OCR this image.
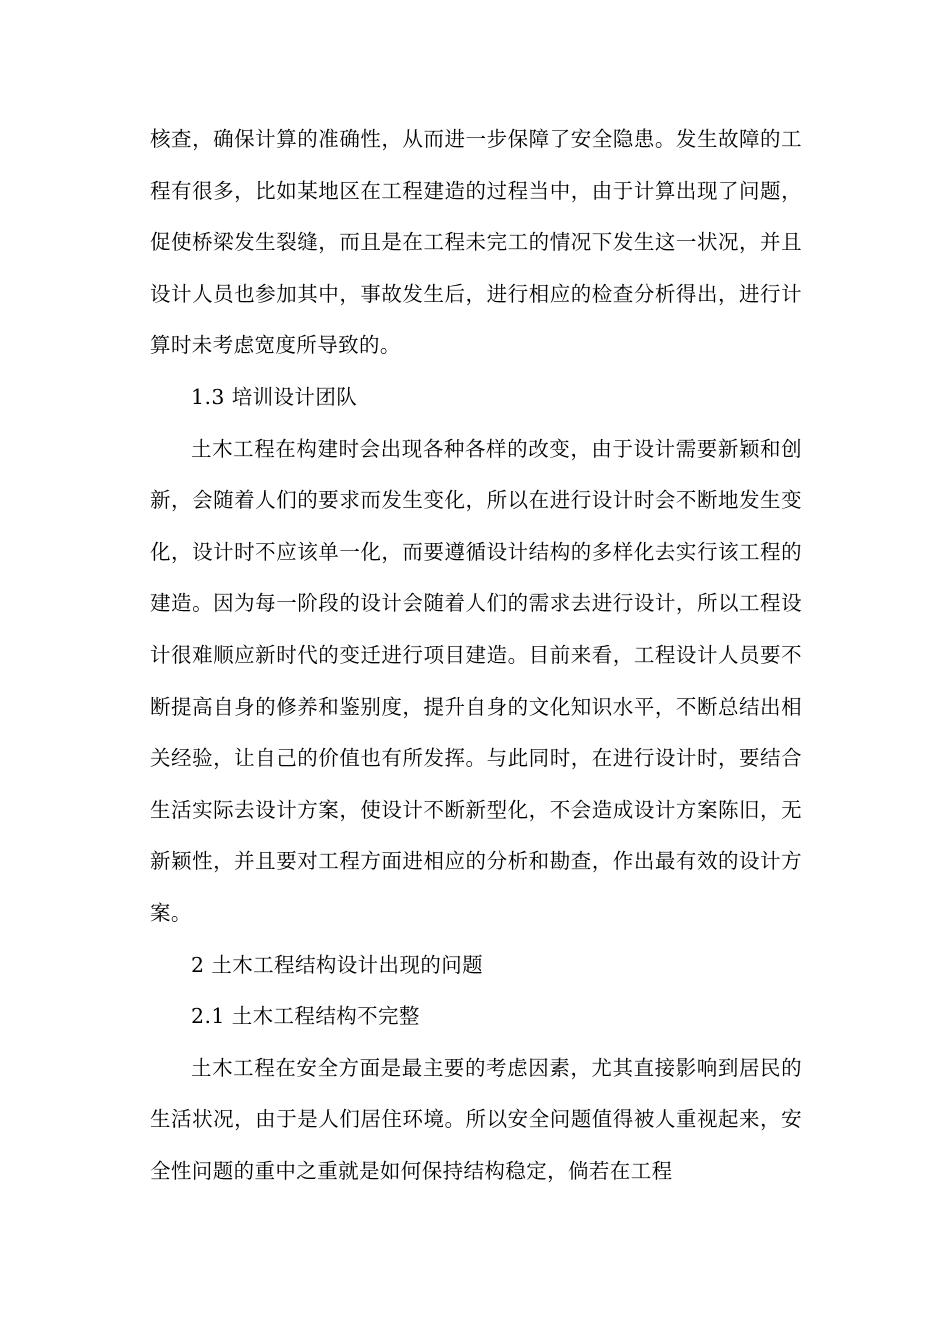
核查，确保计算的准确性，从而进一步保障了安全隐患。发生故障的工程有很多，比如某地区在工程建造的过程当中，由于计算出现了问题，促使桥梁发生裂缝，而且是在工程未完工的情况下发生这一状况，并且设计人员也参加其中，事故发生后，进行相应的检查分析得出，进行计算时未考虑宽度所导致的。

1.3 培训设计团队

土木工程在构建时会出现各种各样的改变，由于设计需要新颖和创新，会随着人们的要求而发生变化，所以在进行设计时会不断地发生变化，设计时不应该单一化，而要遵循设计结构的多样化去实行该工程的建造。因为每一阶段的设计会随着人们的需求去进行设计，所以工程设计很难顺应新时代的变迁进行项目建造。目前来看，工程设计人员要不断提高自身的修养和鉴别度，提升自身的文化知识水平，不断总结出相关经验，让自己的价值也有所发挥。与此同时，在进行设计时，要结合生活实际去设计方案，使设计不断新型化，不会造成设计方案陈旧，无新颖性，并且要对工程方面进相应的分析和勘查，作出最有效的设计方案。

2 土木工程结构设计出现的问题

2.1 土木工程结构不完整

土木工程在安全方面是最主要的考虑因素，尤其直接影响到居民的生活状况，由于是人们居住环境。所以安全问题值得被人重视起来，安全性问题的重中之重就是如何保持结构稳定，倘若在工程
